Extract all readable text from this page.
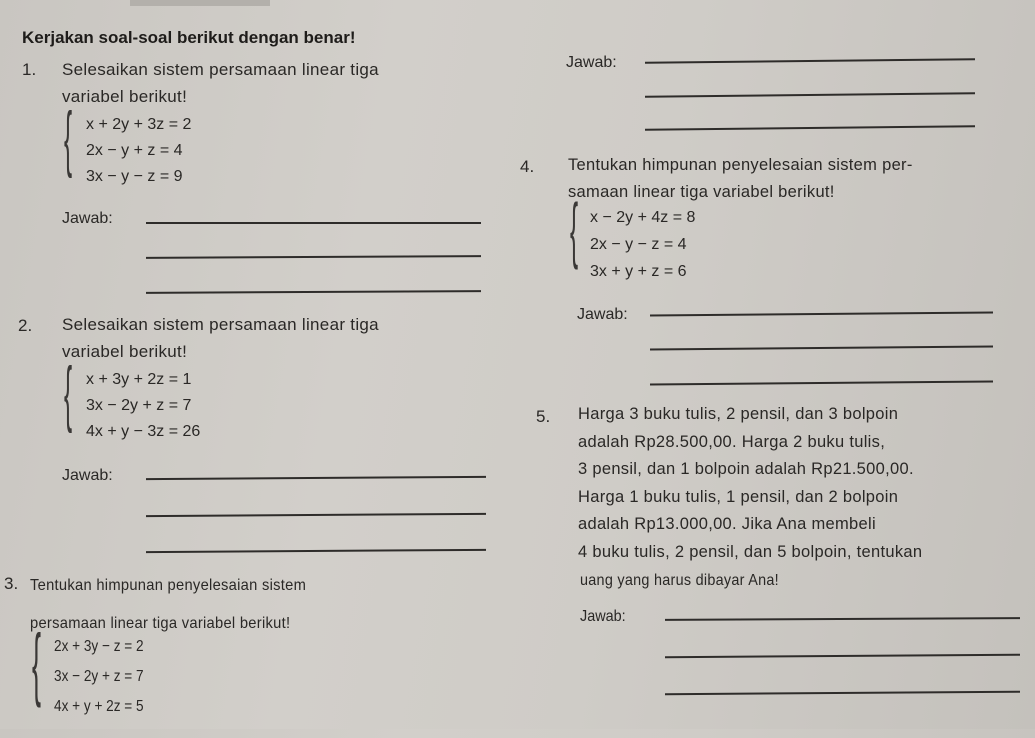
Kerjakan soal-soal berikut dengan benar!
1. Selesaikan sistem persamaan linear tiga
variabel berikut!
{ x + 2y + 3z = 2
2x − y + z = 4
3x − y − z = 9
Jawab:
2. Selesaikan sistem persamaan linear tiga
variabel berikut!
{ x + 3y + 2z = 1
3x − 2y + z = 7
4x + y − 3z = 26
Jawab:
3. Tentukan himpunan penyelesaian sistem
persamaan linear tiga variabel berikut!
{ 2x + 3y − z = 2
3x − 2y + z = 7
4x + y + 2z = 5
Jawab:
4. Tentukan himpunan penyelesaian sistem per-
samaan linear tiga variabel berikut!
{ x − 2y + 4z = 8
2x − y − z = 4
3x + y + z = 6
Jawab:
5. Harga 3 buku tulis, 2 pensil, dan 3 bolpoin
adalah Rp28.500,00. Harga 2 buku tulis,
3 pensil, dan 1 bolpoin adalah Rp21.500,00.
Harga 1 buku tulis, 1 pensil, dan 2 bolpoin
adalah Rp13.000,00. Jika Ana membeli
4 buku tulis, 2 pensil, dan 5 bolpoin, tentukan
uang yang harus dibayar Ana!
Jawab:
